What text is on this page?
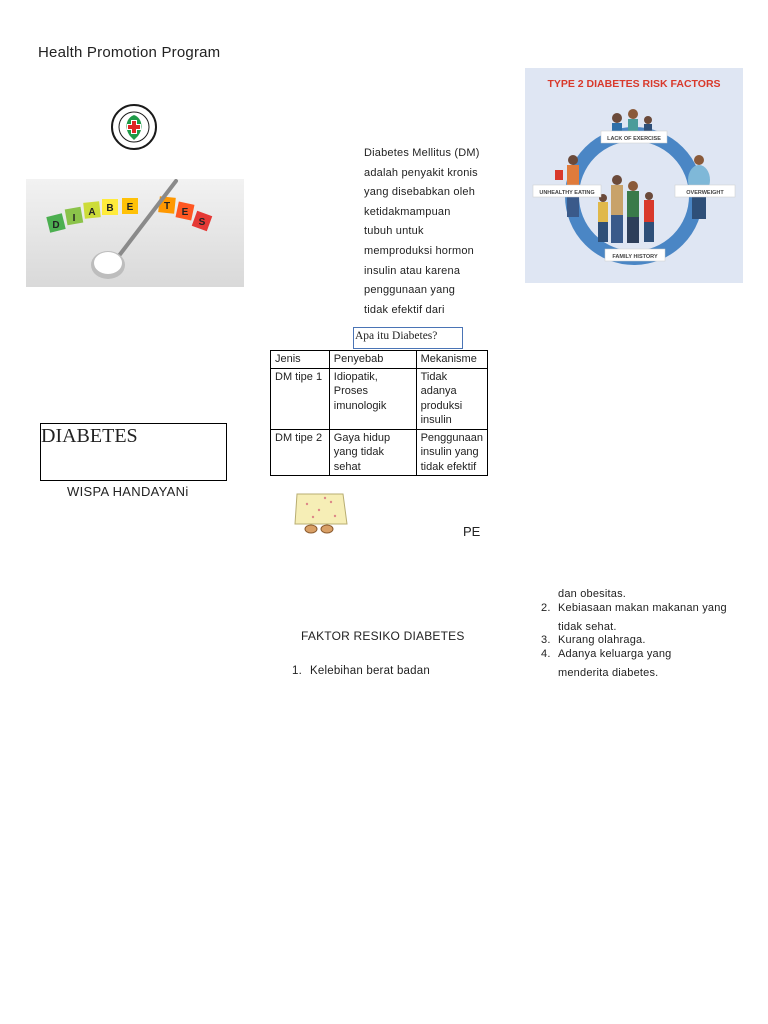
Health Promotion Program
D
I
A B E	T
E
S
DIABETES
WISPA HANDAYANi
Diabetes Mellitus (DM)
adalah penyakit kronis
yang disebabkan oleh
ketidakmampuan
tubuh untuk
memproduksi hormon
insulin atau karena
penggunaan yang
tidak efektif dari
Apa itu Diabetes?
Jenis	Penyebab	Mekanisme
DM tipe 1	Idiopatik, Proses imunologik	Tidak adanya produksi insulin
DM tipe 2	Gaya hidup yang tidak sehat	Penggunaan insulin yang tidak efektif
PE
FAKTOR RESIKO DIABETES
1. Kelebihan berat badan
dan obesitas.
2. Kebiasaan makan makanan yang
tidak sehat.
3. Kurang olahraga.
4. Adanya keluarga yang
menderita diabetes.
TYPE 2 DIABETES RISK FACTORS
LACK OF EXERCISE
UNHEALTHY EATING	OVERWEIGHT
FAMILY HISTORY
